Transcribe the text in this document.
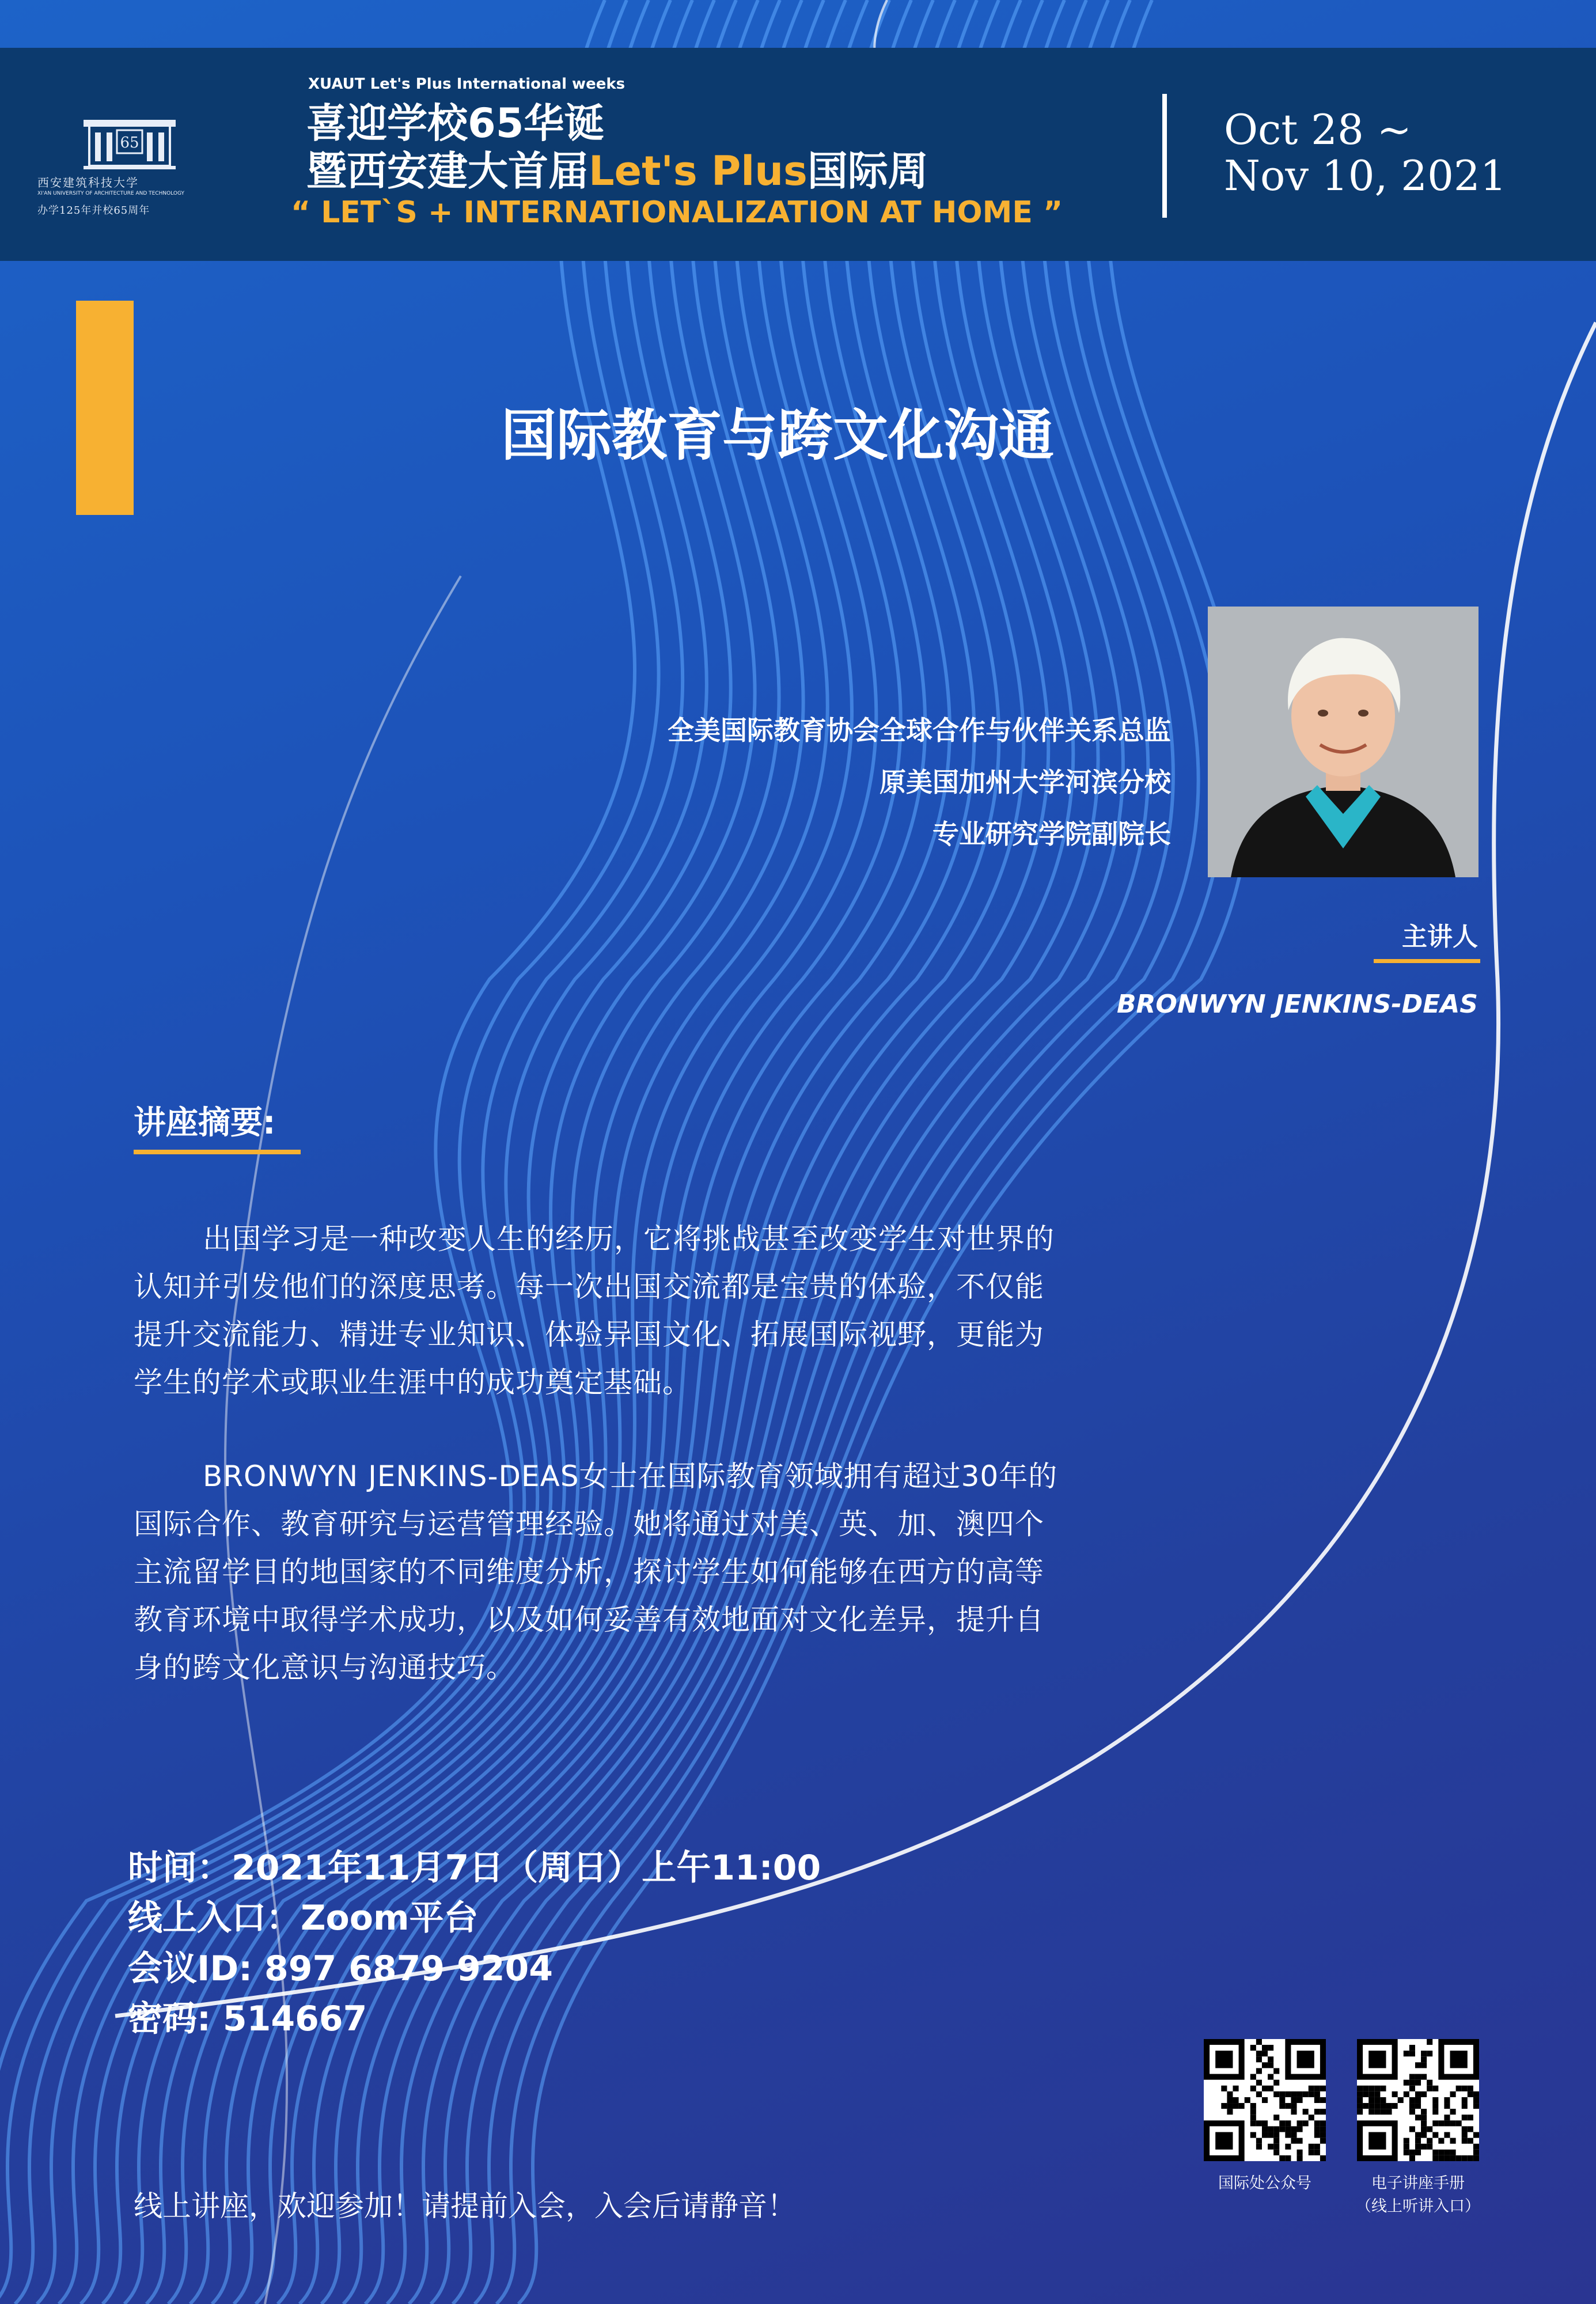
65
西安建筑科技大学
XI'AN UNIVERSITY OF ARCHITECTURE AND TECHNOLOGY
办学125年并校65周年
XUAUT Let's Plus International weeks
喜迎学校65华诞
暨西安建大首届Let's Plus国际周
“ LET`S + INTERNATIONALIZATION AT HOME ”
Oct 28 ~
Nov 10, 2021
国际教育与跨文化沟通
全美国际教育协会全球合作与伙伴关系总监
原美国加州大学河滨分校
专业研究学院副院长
主讲人
BRONWYN JENKINS-DEAS
讲座摘要:
出国学习是一种改变人生的经历，它将挑战甚至改变学生对世界的
认知并引发他们的深度思考。每一次出国交流都是宝贵的体验，不仅能
提升交流能力、精进专业知识、体验异国文化、拓展国际视野，更能为
学生的学术或职业生涯中的成功奠定基础。
BRONWYN JENKINS-DEAS女士在国际教育领域拥有超过30年的
国际合作、教育研究与运营管理经验。她将通过对美、英、加、澳四个
主流留学目的地国家的不同维度分析，探讨学生如何能够在西方的高等
教育环境中取得学术成功，以及如何妥善有效地面对文化差异，提升自
身的跨文化意识与沟通技巧。
时间：2021年11月7日（周日）上午11:00
线上入口：Zoom平台
会议ID: 897 6879 9204
密码: 514667
国际处公众号	电子讲座手册
（线上听讲入口）
线上讲座，欢迎参加！请提前入会，入会后请静音！
